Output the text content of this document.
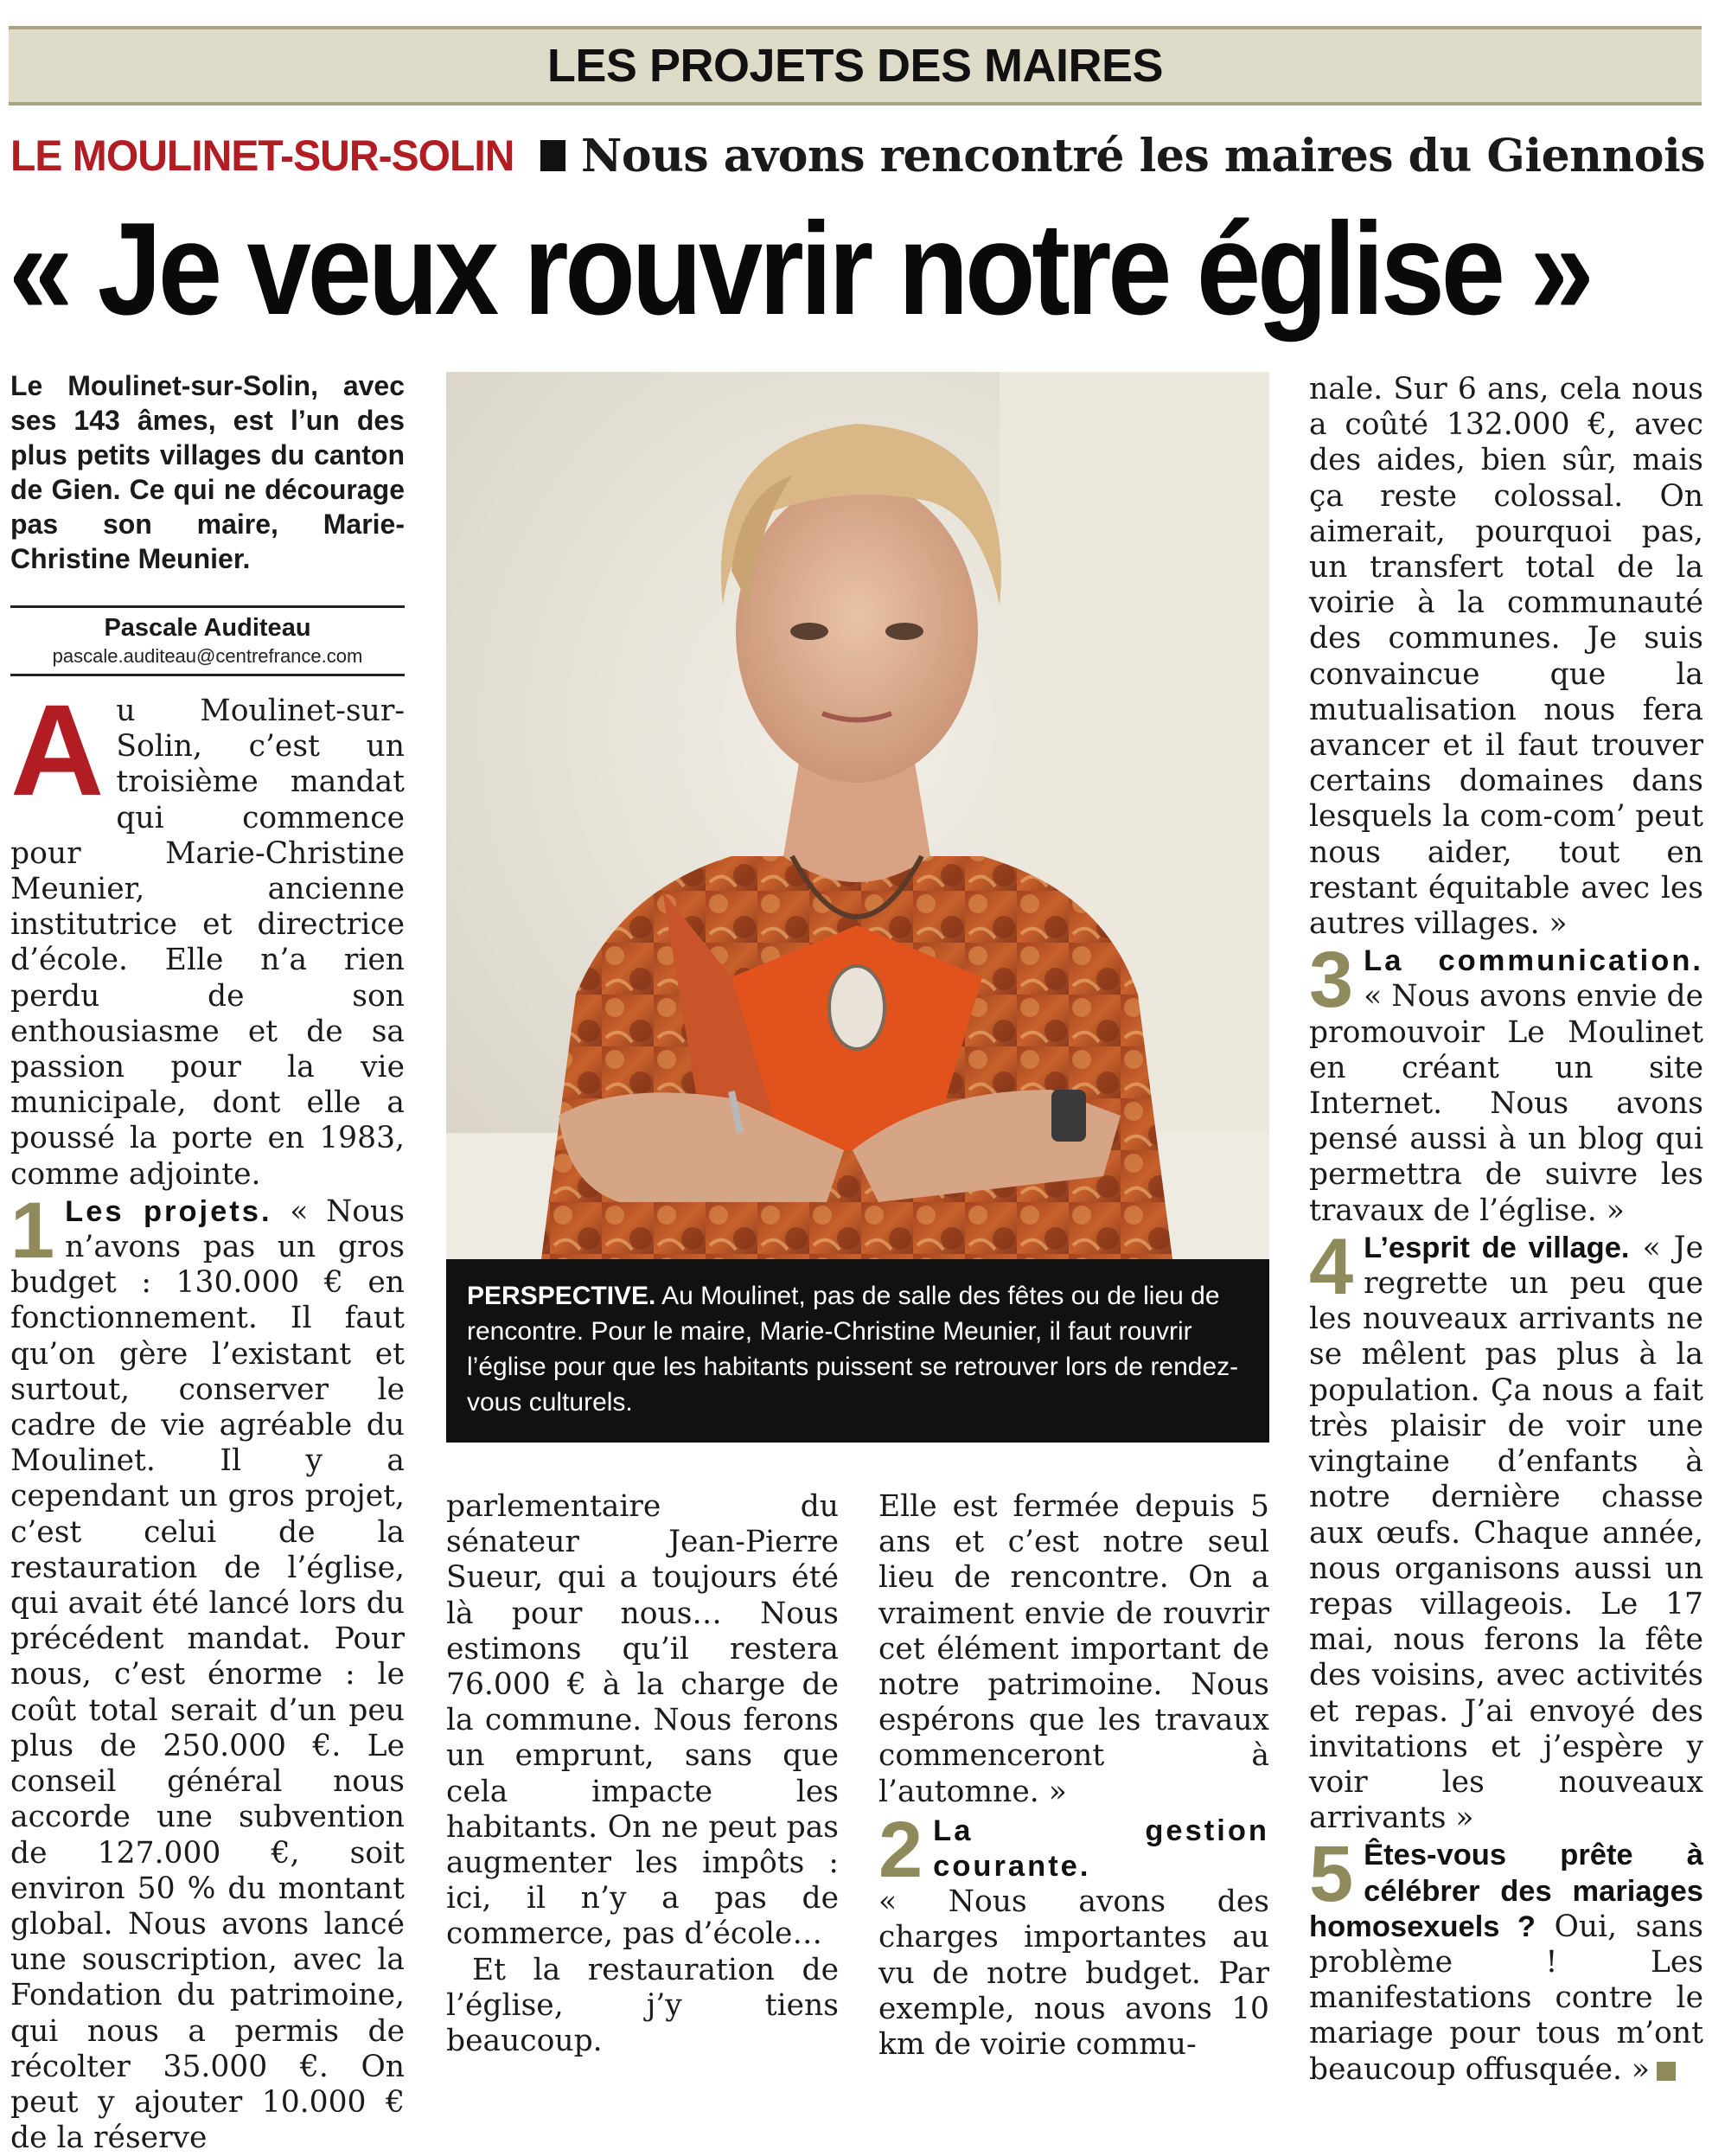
LES PROJETS DES MAIRES
LE MOULINET-SUR-SOLIN Nous avons rencontré les maires du Giennois
« Je veux rouvrir notre église »

Le Moulinet-sur-Solin, avec ses 143 âmes, est l’un des plus petits villages du canton de Gien. Ce qui ne décourage pas son maire, Marie-Christine Meunier.

Pascale Auditeau
pascale.auditeau@centrefrance.com

Au Moulinet-sur-Solin, c’est un troisième mandat qui commence pour Marie-Christine Meunier, ancienne institutrice et directrice d’école. Elle n’a rien perdu de son enthousiasme et de sa passion pour la vie municipale, dont elle a poussé la porte en 1983, comme adjointe.

1 Les projets. « Nous n’avons pas un gros budget : 130.000 € en fonctionnement. Il faut qu’on gère l’existant et surtout, conserver le cadre de vie agréable du Moulinet. Il y a cependant un gros projet, c’est celui de la restauration de l’église, qui avait été lancé lors du précédent mandat. Pour nous, c’est énorme : le coût total serait d’un peu plus de 250.000 €. Le conseil général nous accorde une subvention de 127.000 €, soit environ 50 % du montant global. Nous avons lancé une souscription, avec la Fondation du patrimoine, qui nous a permis de récolter 35.000 €. On peut y ajouter 10.000 € de la réserve

PERSPECTIVE. Au Moulinet, pas de salle des fêtes ou de lieu de rencontre. Pour le maire, Marie-Christine Meunier, il faut rouvrir l’église pour que les habitants puissent se retrouver lors de rendez-vous culturels.

parlementaire du sénateur Jean-Pierre Sueur, qui a toujours été là pour nous… Nous estimons qu’il restera 76.000 € à la charge de la commune. Nous ferons un emprunt, sans que cela impacte les habitants. On ne peut pas augmenter les impôts : ici, il n’y a pas de commerce, pas d’école…

Et la restauration de l’église, j’y tiens beaucoup.

Elle est fermée depuis 5 ans et c’est notre seul lieu de rencontre. On a vraiment envie de rouvrir cet élément important de notre patrimoine. Nous espérons que les travaux commenceront à l’automne. »

2 La gestion courante.
« Nous avons des charges importantes au vu de notre budget. Par exemple, nous avons 10 km de voirie commu-

nale. Sur 6 ans, cela nous a coûté 132.000 €, avec des aides, bien sûr, mais ça reste colossal. On aimerait, pourquoi pas, un transfert total de la voirie à la communauté des communes. Je suis convaincue que la mutualisation nous fera avancer et il faut trouver certains domaines dans lesquels la com-com’ peut nous aider, tout en restant équitable avec les autres villages. »

3 La communication. « Nous avons envie de promouvoir Le Moulinet en créant un site Internet. Nous avons pensé aussi à un blog qui permettra de suivre les travaux de l’église. »

4 L’esprit de village. « Je regrette un peu que les nouveaux arrivants ne se mêlent pas plus à la population. Ça nous a fait très plaisir de voir une vingtaine d’enfants à notre dernière chasse aux œufs. Chaque année, nous organisons aussi un repas villageois. Le 17 mai, nous ferons la fête des voisins, avec activités et repas. J’ai envoyé des invitations et j’espère y voir les nouveaux arrivants »

5 Êtes-vous prête à célébrer des mariages homosexuels ? Oui, sans problème ! Les manifestations contre le mariage pour tous m’ont beaucoup offusquée. »
